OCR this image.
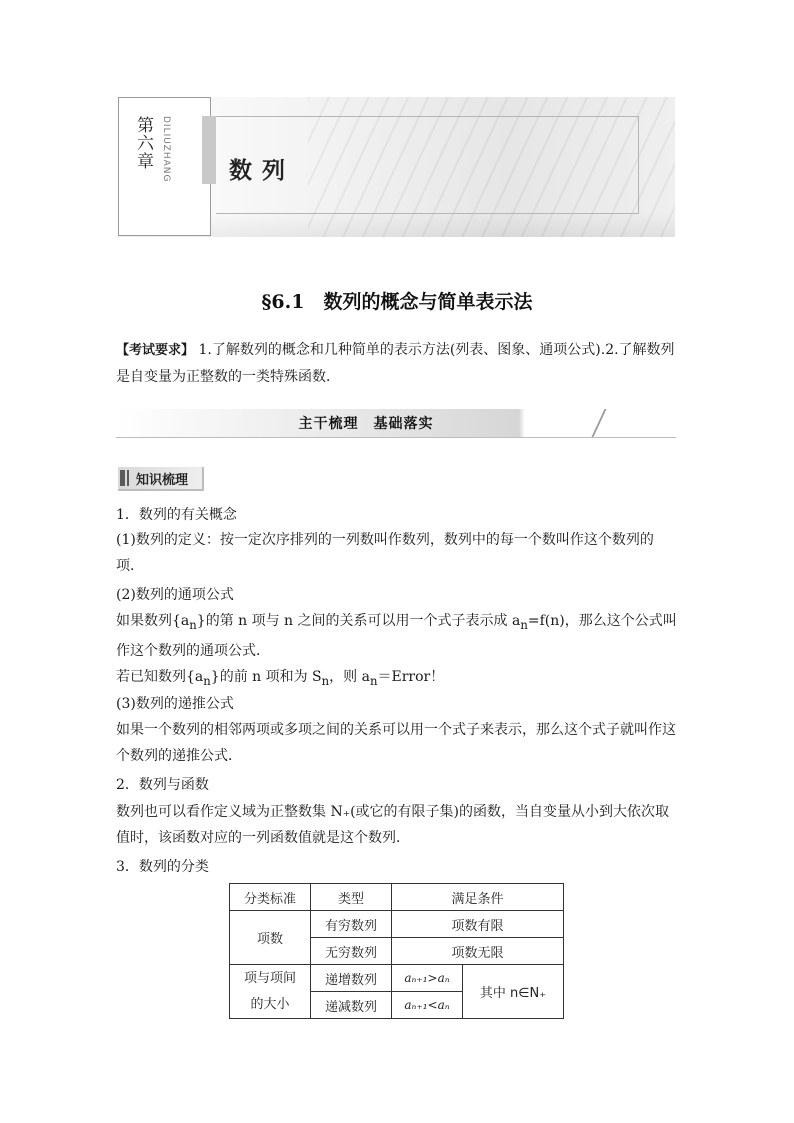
第六章 DILIUZHANG	数列
§6.1　数列的概念与简单表示法
【考试要求】 1.了解数列的概念和几种简单的表示方法(列表、图象、通项公式).2.了解数列是自变量为正整数的一类特殊函数．
主干梳理　基础落实
知识梳理
1．数列的有关概念
(1)数列的定义：按一定次序排列的一列数叫作数列，数列中的每一个数叫作这个数列的项．
(2)数列的通项公式
如果数列$\{a_n\}$的第 n 项与 n 之间的关系可以用一个式子表示成 $a_n=f(n)$，那么这个公式叫作这个数列的通项公式．
若已知数列$\{a_n\}$的前 n 项和为 $S_n$，则 $a_n=Error$！
(3)数列的递推公式
如果一个数列的相邻两项或多项之间的关系可以用一个式子来表示，那么这个式子就叫作这个数列的递推公式．
2．数列与函数
数列也可以看作定义域为正整数集 N₊(或它的有限子集)的函数，当自变量从小到大依次取值时，该函数对应的一列函数值就是这个数列．
3．数列的分类
分类标准	类型	满足条件	
项数	有穷数列	项数有限	
	无穷数列	项数无限	

项与项间
的大小	递增数列	aₙ₊₁>aₙ	其中 n∈N₊
	递减数列	aₙ₊₁<aₙ	
